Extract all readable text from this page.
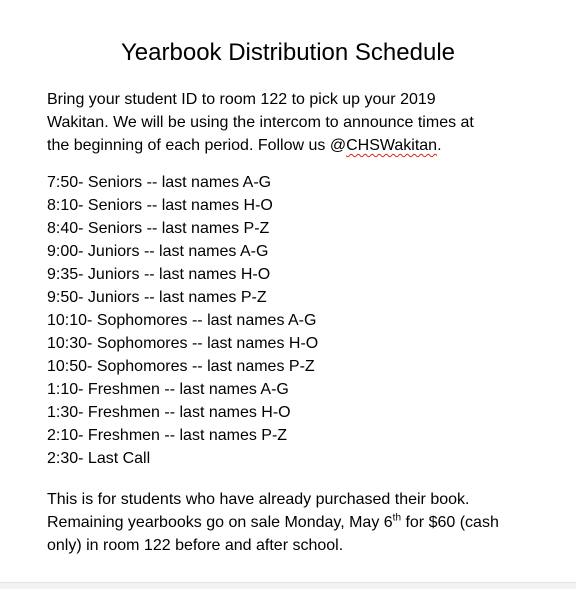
Yearbook Distribution Schedule
Bring your student ID to room 122 to pick up your 2019
Wakitan. We will be using the intercom to announce times at
the beginning of each period. Follow us @CHSWakitan.
7:50- Seniors -- last names A-G
8:10- Seniors -- last names H-O
8:40- Seniors -- last names P-Z
9:00- Juniors -- last names A-G
9:35- Juniors -- last names H-O
9:50- Juniors -- last names P-Z
10:10- Sophomores -- last names A-G
10:30- Sophomores -- last names H-O
10:50- Sophomores -- last names P-Z
1:10- Freshmen -- last names A-G
1:30- Freshmen -- last names H-O
2:10- Freshmen -- last names P-Z
2:30- Last Call
This is for students who have already purchased their book.
Remaining yearbooks go on sale Monday, May 6th for $60 (cash
only) in room 122 before and after school.
